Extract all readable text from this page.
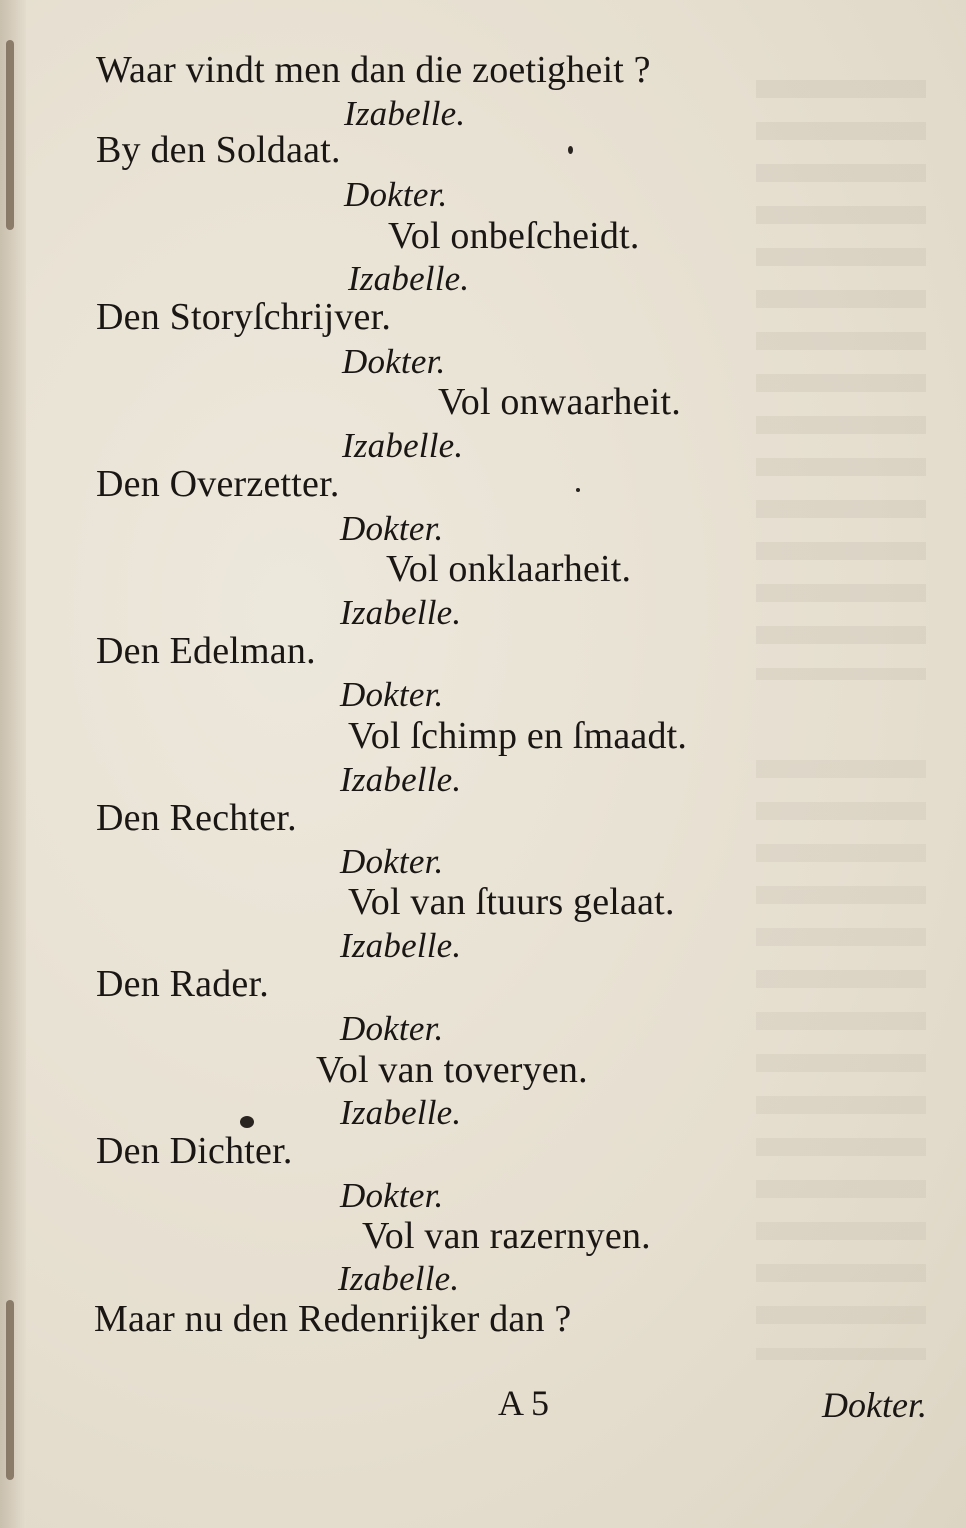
Waar vindt men dan die zoetigheit ?
Izabelle.
By den Soldaat.
Dokter.
Vol onbeſcheidt.
Izabelle.
Den Storyſchrijver.
Dokter.
Vol onwaarheit.
Izabelle.
Den Overzetter.
Dokter.
Vol onklaarheit.
Izabelle.
Den Edelman.
Dokter.
Vol ſchimp en ſmaadt.
Izabelle.
Den Rechter.
Dokter.
Vol van ſtuurs gelaat.
Izabelle.
Den Rader.
Dokter.
Vol van toveryen.
Izabelle.
Den Dichter.
Dokter.
Vol van razernyen.
Izabelle.
Maar nu den Redenrijker dan ?
A 5	Dokter.
